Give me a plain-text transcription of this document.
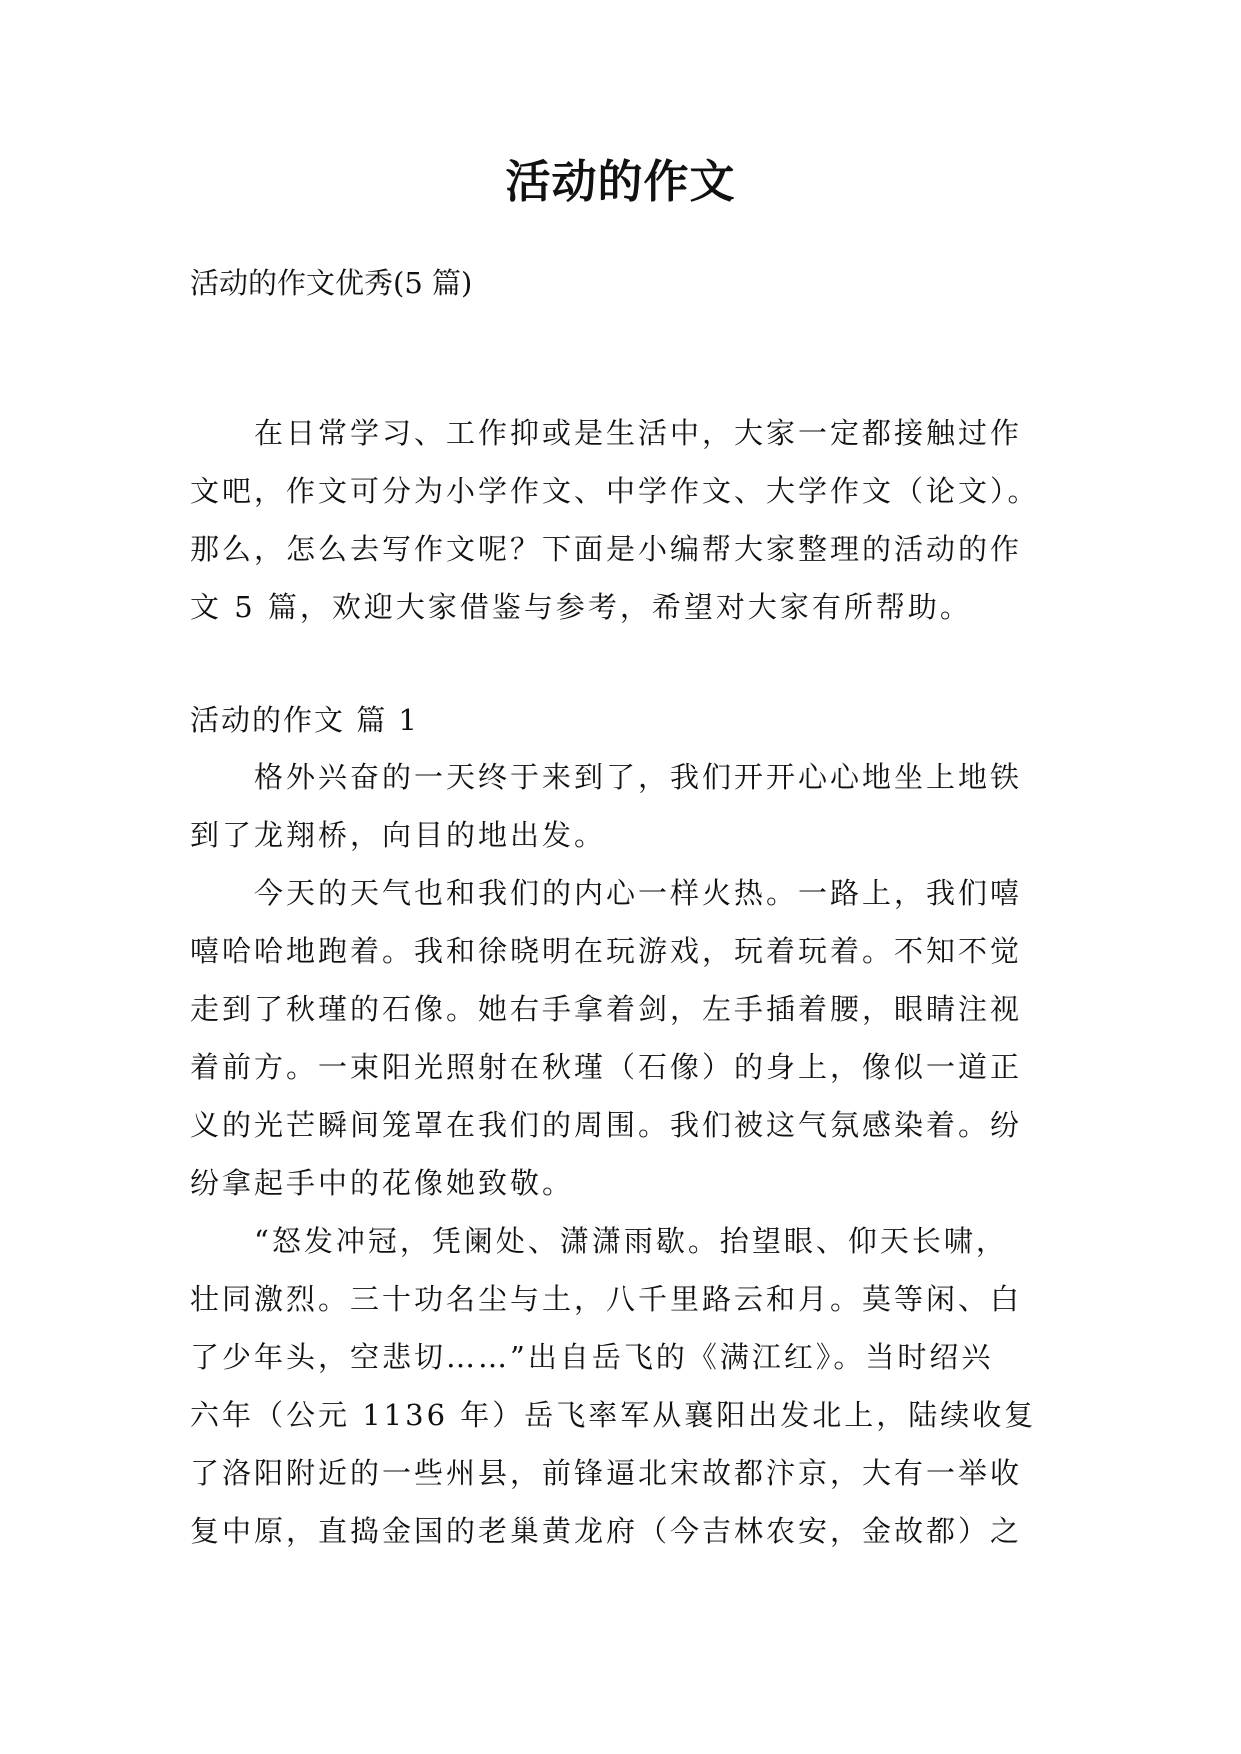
活动的作文
活动的作文优秀(5 篇)
　　在日常学习、工作抑或是生活中，大家一定都接触过作
文吧，作文可分为小学作文、中学作文、大学作文（论文）。
那么，怎么去写作文呢？下面是小编帮大家整理的活动的作
文 5 篇，欢迎大家借鉴与参考，希望对大家有所帮助。
活动的作文 篇 1
　　格外兴奋的一天终于来到了，我们开开心心地坐上地铁
到了龙翔桥，向目的地出发。
　　今天的天气也和我们的内心一样火热。一路上，我们嘻
嘻哈哈地跑着。我和徐晓明在玩游戏，玩着玩着。不知不觉
走到了秋瑾的石像。她右手拿着剑，左手插着腰，眼睛注视
着前方。一束阳光照射在秋瑾（石像）的身上，像似一道正
义的光芒瞬间笼罩在我们的周围。我们被这气氛感染着。纷
纷拿起手中的花像她致敬。
　　“怒发冲冠，凭阑处、潇潇雨歇。抬望眼、仰天长啸，
壮同激烈。三十功名尘与土，八千里路云和月。莫等闲、白
了少年头，空悲切……”出自岳飞的《满江红》。当时绍兴
六年（公元 1136 年）岳飞率军从襄阳出发北上，陆续收复
了洛阳附近的一些州县，前锋逼北宋故都汴京，大有一举收
复中原，直捣金国的老巢黄龙府（今吉林农安，金故都）之
